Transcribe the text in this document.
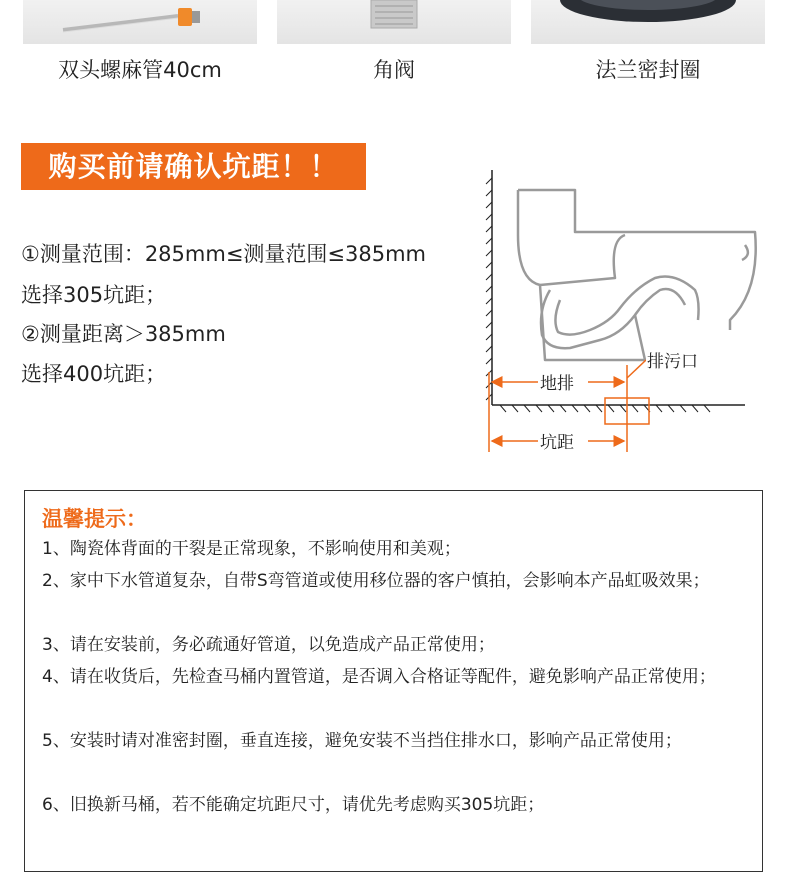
双头螺麻管40cm	角阀	法兰密封圈
购买前请确认坑距！！
①测量范围：285mm≤测量范围≤385mm
选择305坑距；
②测量距离＞385mm
选择400坑距；	地排
坑距
排污口
温馨提示：
1、陶瓷体背面的干裂是正常现象，不影响使用和美观；
2、家中下水管道复杂，自带S弯管道或使用移位器的客户慎拍，会影响本产品虹吸效果；
3、请在安装前，务必疏通好管道，以免造成产品正常使用；
4、请在收货后，先检查马桶内置管道，是否调入合格证等配件，避免影响产品正常使用；
5、安装时请对准密封圈，垂直连接，避免安装不当挡住排水口，影响产品正常使用；
6、旧换新马桶，若不能确定坑距尺寸，请优先考虑购买305坑距；
